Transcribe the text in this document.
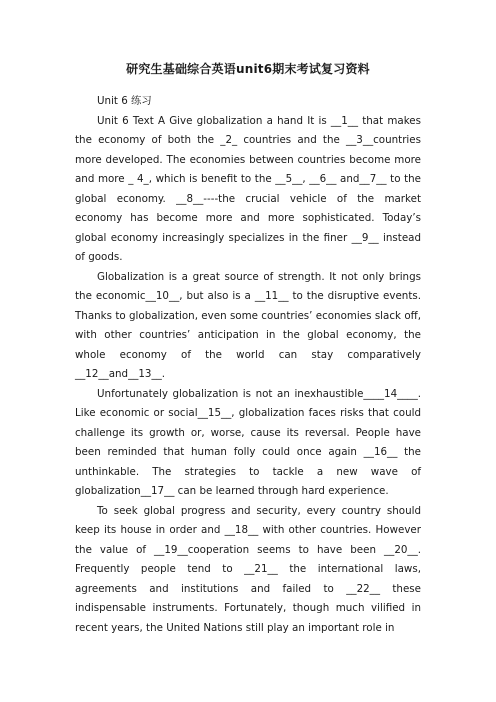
研究生基础综合英语unit6期末考试复习资料

Unit 6 练习

Unit 6 Text A Give globalization a hand It is __1__ that makes the economy of both the _2_ countries and the __3__countries more developed. The economies between countries become more and more _ 4_, which is benefit to the __5__, __6__ and__7__ to the global economy. __8__----the crucial vehicle of the market economy has become more and more sophisticated. Today’s global economy increasingly specializes in the finer __9__ instead of goods.

Globalization is a great source of strength. It not only brings the economic__10__, but also is a __11__ to the disruptive events. Thanks to globalization, even some countries’ economies slack off, with other countries’ anticipation in the global economy, the whole economy of the world can stay comparatively __12__and__13__.

Unfortunately globalization is not an inexhaustible____14____. Like economic or social__15__, globalization faces risks that could challenge its growth or, worse, cause its reversal. People have been reminded that human folly could once again __16__ the unthinkable. The strategies to tackle a new wave of globalization__17__ can be learned through hard experience.

To seek global progress and security, every country should keep its house in order and __18__ with other countries. However the value of __19__cooperation seems to have been __20__. Frequently people tend to __21__ the international laws, agreements and institutions and failed to __22__ these indispensable instruments. Fortunately, though much vilified in recent years, the United Nations still play an important role in
